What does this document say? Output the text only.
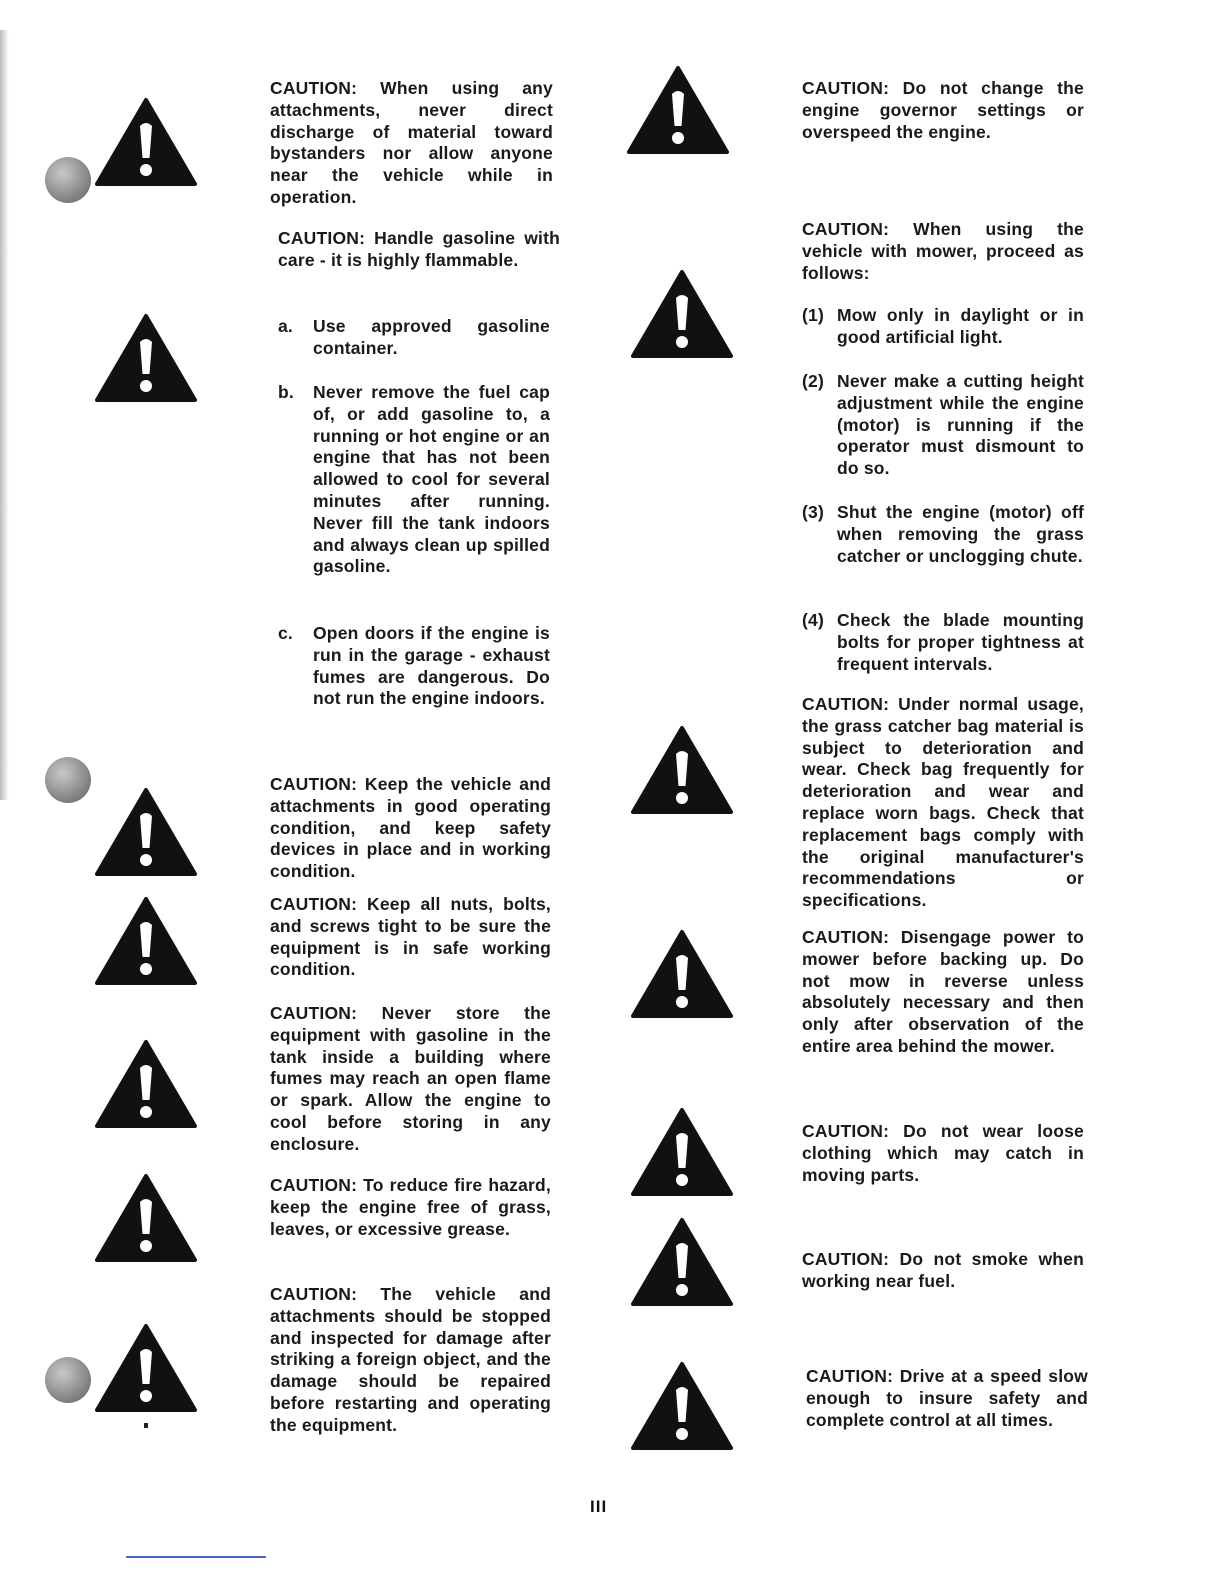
CAUTION: When using any attachments, never direct discharge of material toward bystanders nor allow anyone near the vehicle while in operation.
CAUTION: Handle gasoline with care - it is highly flammable.
a. Use approved gasoline container.
b. Never remove the fuel cap of, or add gasoline to, a running or hot engine or an engine that has not been allowed to cool for several minutes after running. Never fill the tank indoors and always clean up spilled gasoline.
c. Open doors if the engine is run in the garage - exhaust fumes are dangerous. Do not run the engine indoors.
CAUTION: Keep the vehicle and attachments in good operating condition, and keep safety devices in place and in working condition.
CAUTION: Keep all nuts, bolts, and screws tight to be sure the equipment is in safe working condition.
CAUTION: Never store the equipment with gasoline in the tank inside a building where fumes may reach an open flame or spark. Allow the engine to cool before storing in any enclosure.
CAUTION: To reduce fire hazard, keep the engine free of grass, leaves, or excessive grease.
CAUTION: The vehicle and attachments should be stopped and inspected for damage after striking a foreign object, and the damage should be repaired before restarting and operating the equipment.
CAUTION: Do not change the engine governor settings or overspeed the engine.
CAUTION: When using the vehicle with mower, proceed as follows:
(1) Mow only in daylight or in good artificial light.
(2) Never make a cutting height adjustment while the engine (motor) is running if the operator must dismount to do so.
(3) Shut the engine (motor) off when removing the grass catcher or unclogging chute.
(4) Check the blade mounting bolts for proper tightness at frequent intervals.
CAUTION: Under normal usage, the grass catcher bag material is subject to deterioration and wear. Check bag frequently for deterioration and wear and replace worn bags. Check that replacement bags comply with the original manufacturer's recommendations or specifications.
CAUTION: Disengage power to mower before backing up. Do not mow in reverse unless absolutely necessary and then only after observation of the entire area behind the mower.
CAUTION: Do not wear loose clothing which may catch in moving parts.
CAUTION: Do not smoke when working near fuel.
CAUTION: Drive at a speed slow enough to insure safety and complete control at all times.
III
